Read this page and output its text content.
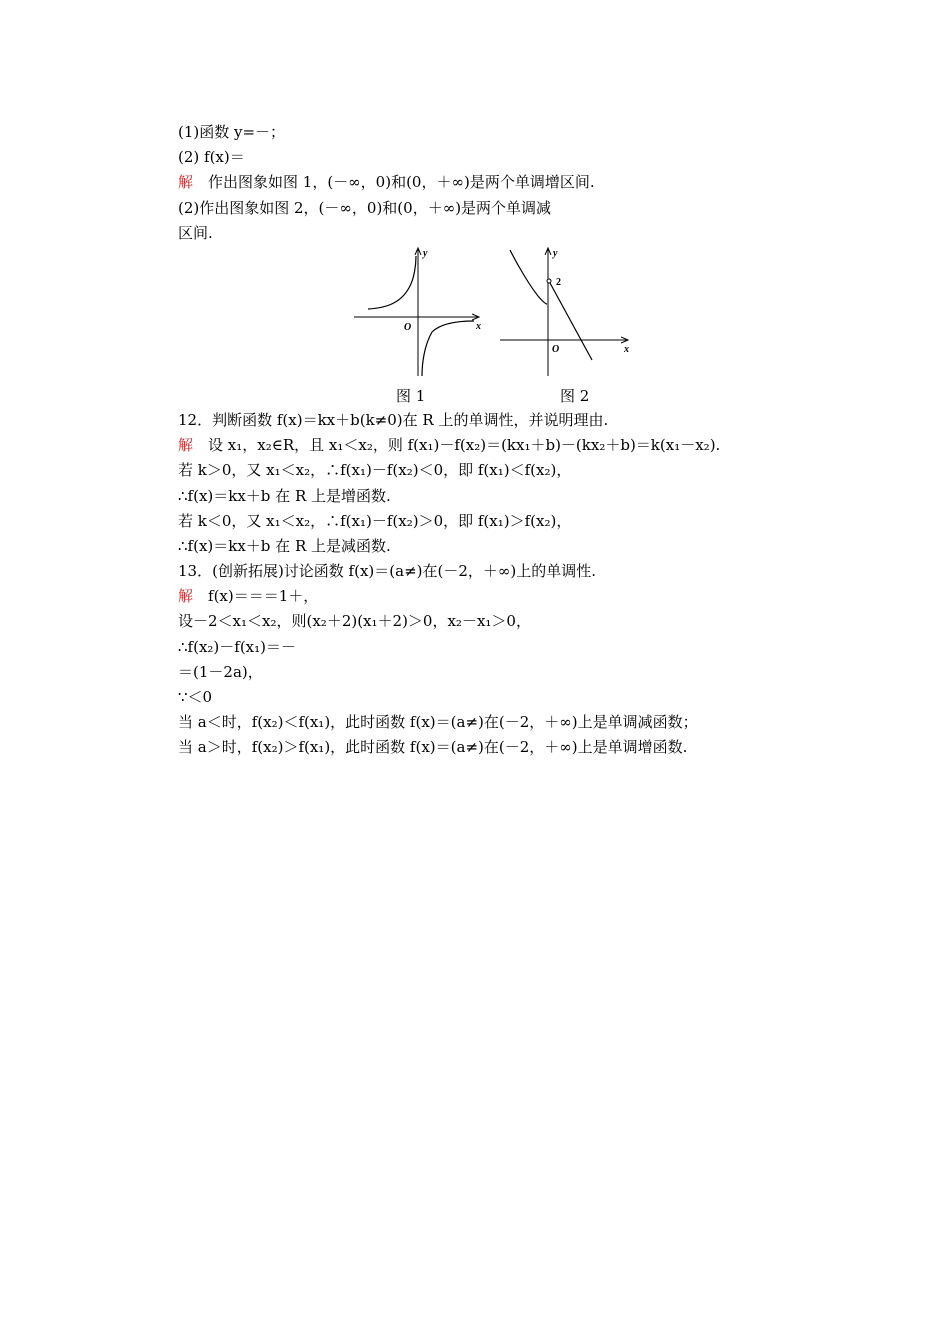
(1)函数 y=－；
(2) f(x)＝
解　作出图象如图 1，(－∞，0)和(0，＋∞)是两个单调增区间.
(2)作出图象如图 2，(－∞，0)和(0，＋∞)是两个单调减
区间.
y
x
O
2
y
x
O
图 1	图 2
12．判断函数 f(x)＝kx＋b(k≠0)在 R 上的单调性，并说明理由.
解　设 x₁，x₂∈R，且 x₁＜x₂，则 f(x₁)－f(x₂)＝(kx₁＋b)－(kx₂＋b)＝k(x₁－x₂).
若 k＞0，又 x₁＜x₂，∴f(x₁)－f(x₂)＜0，即 f(x₁)＜f(x₂)，
∴f(x)＝kx＋b 在 R 上是增函数.
若 k＜0，又 x₁＜x₂，∴f(x₁)－f(x₂)＞0，即 f(x₁)＞f(x₂)，
∴f(x)＝kx＋b 在 R 上是减函数.
13．(创新拓展)讨论函数 f(x)＝(a≠)在(－2，＋∞)上的单调性.
解　f(x)＝＝＝1＋，
设－2＜x₁＜x₂，则(x₂＋2)(x₁＋2)＞0，x₂－x₁＞0，
∴f(x₂)－f(x₁)＝－
＝(1－2a)，
∵＜0
当 a＜时，f(x₂)＜f(x₁)，此时函数 f(x)＝(a≠)在(－2，＋∞)上是单调减函数；
当 a＞时，f(x₂)＞f(x₁)，此时函数 f(x)＝(a≠)在(－2，＋∞)上是单调增函数.
